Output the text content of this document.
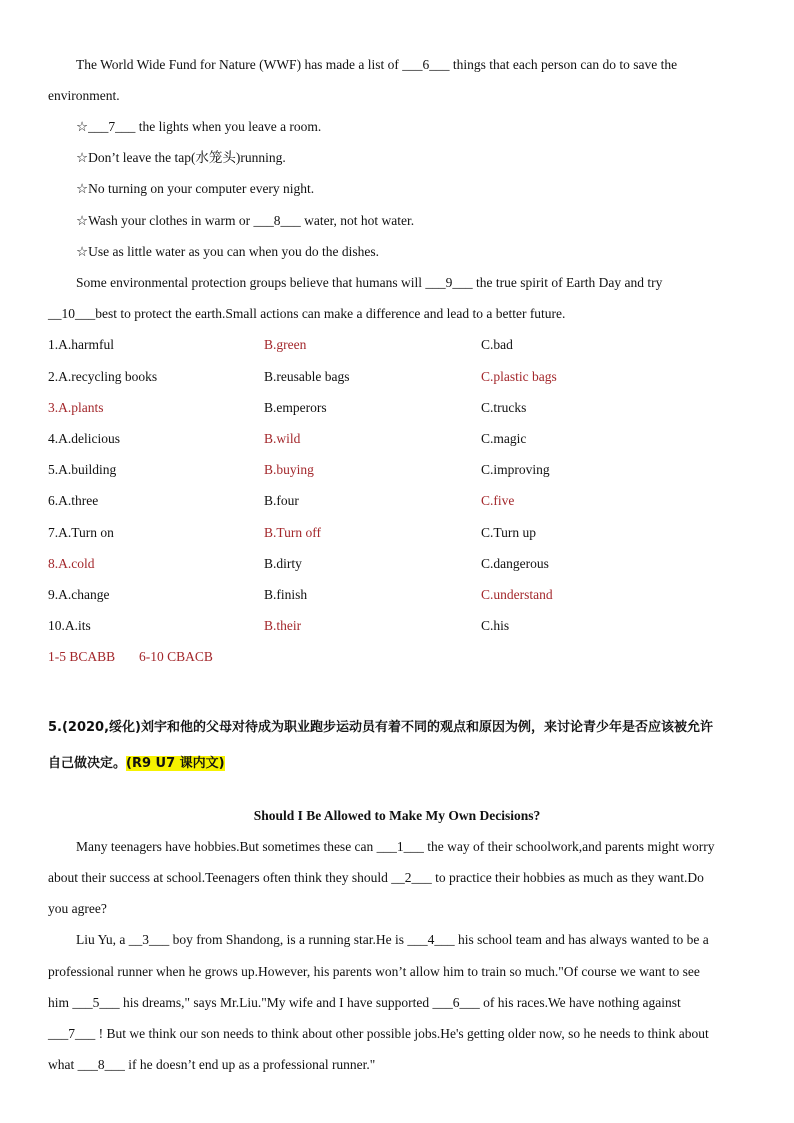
The World Wide Fund for Nature (WWF) has made a list of ___6___ things that each person can do to save the
environment.
☆___7___ the lights when you leave a room.
☆Don’t leave the tap(水笼头)running.
☆No turning on your computer every night.
☆Wash your clothes in warm or ___8___ water, not hot water.
☆Use as little water as you can when you do the dishes.
Some environmental protection groups believe that humans will ___9___ the true spirit of Earth Day and try
__10___best to protect the earth.Small actions can make a difference and lead to a better future.
1.A.harmful	B.green	C.bad
2.A.recycling books	B.reusable bags	C.plastic bags
3.A.plants	B.emperors	C.trucks
4.A.delicious	B.wild	C.magic
5.A.building	B.buying	C.improving
6.A.three	B.four	C.five
7.A.Turn on	B.Turn off	C.Turn up
8.A.cold	B.dirty	C.dangerous
9.A.change	B.finish	C.understand
10.A.its	B.their	C.his
1-5 BCABB 6-10 CBACB
5.(2020,绥化)刘宇和他的父母对待成为职业跑步运动员有着不同的观点和原因为例，来讨论青少年是否应该被允许
自己做决定。(R9 U7 课内文)
Should I Be Allowed to Make My Own Decisions?
Many teenagers have hobbies.But sometimes these can ___1___ the way of their schoolwork,and parents might worry
about their success at school.Teenagers often think they should __2___ to practice their hobbies as much as they want.Do
you agree?
Liu Yu, a __3___ boy from Shandong, is a running star.He is ___4___ his school team and has always wanted to be a
professional runner when he grows up.However, his parents won’t allow him to train so much."Of course we want to see
him ___5___ his dreams," says Mr.Liu."My wife and I have supported ___6___ of his races.We have nothing against
___7___ ! But we think our son needs to think about other possible jobs.He's getting older now, so he needs to think about
what ___8___ if he doesn’t end up as a professional runner."
